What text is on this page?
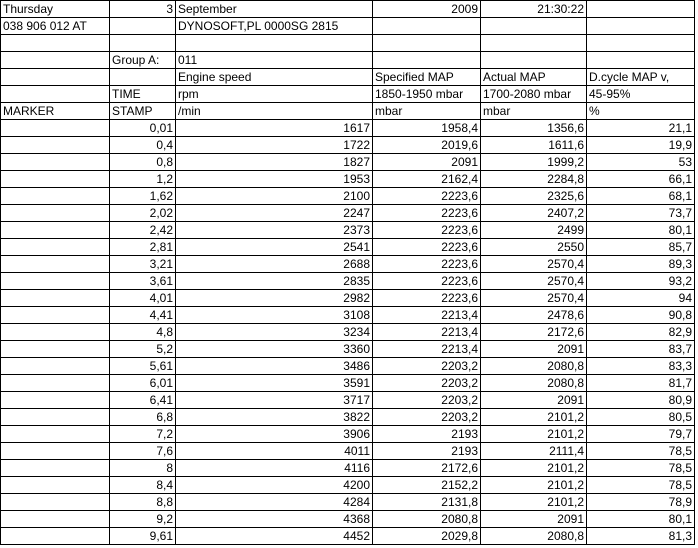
Thursday	3	September	2009	21:30:22	
038 906 012 AT		DYNOSOFT,PL 0000SG 2815			

	Group A:	011			
		Engine speed	Specified MAP	Actual MAP	D.cycle MAP v,
	TIME	rpm	1850-1950 mbar	1700-2080 mbar	45-95%
MARKER	STAMP	/min	mbar	mbar	%
	0,01	1617	1958,4	1356,6	21,1
	0,4	1722	2019,6	1611,6	19,9
	0,8	1827	2091	1999,2	53
	1,2	1953	2162,4	2284,8	66,1
	1,62	2100	2223,6	2325,6	68,1
	2,02	2247	2223,6	2407,2	73,7
	2,42	2373	2223,6	2499	80,1
	2,81	2541	2223,6	2550	85,7
	3,21	2688	2223,6	2570,4	89,3
	3,61	2835	2223,6	2570,4	93,2
	4,01	2982	2223,6	2570,4	94
	4,41	3108	2213,4	2478,6	90,8
	4,8	3234	2213,4	2172,6	82,9
	5,2	3360	2213,4	2091	83,7
	5,61	3486	2203,2	2080,8	83,3
	6,01	3591	2203,2	2080,8	81,7
	6,41	3717	2203,2	2091	80,9
	6,8	3822	2203,2	2101,2	80,5
	7,2	3906	2193	2101,2	79,7
	7,6	4011	2193	2111,4	78,5
	8	4116	2172,6	2101,2	78,5
	8,4	4200	2152,2	2101,2	78,5
	8,8	4284	2131,8	2101,2	78,9
	9,2	4368	2080,8	2091	80,1
	9,61	4452	2029,8	2080,8	81,3
